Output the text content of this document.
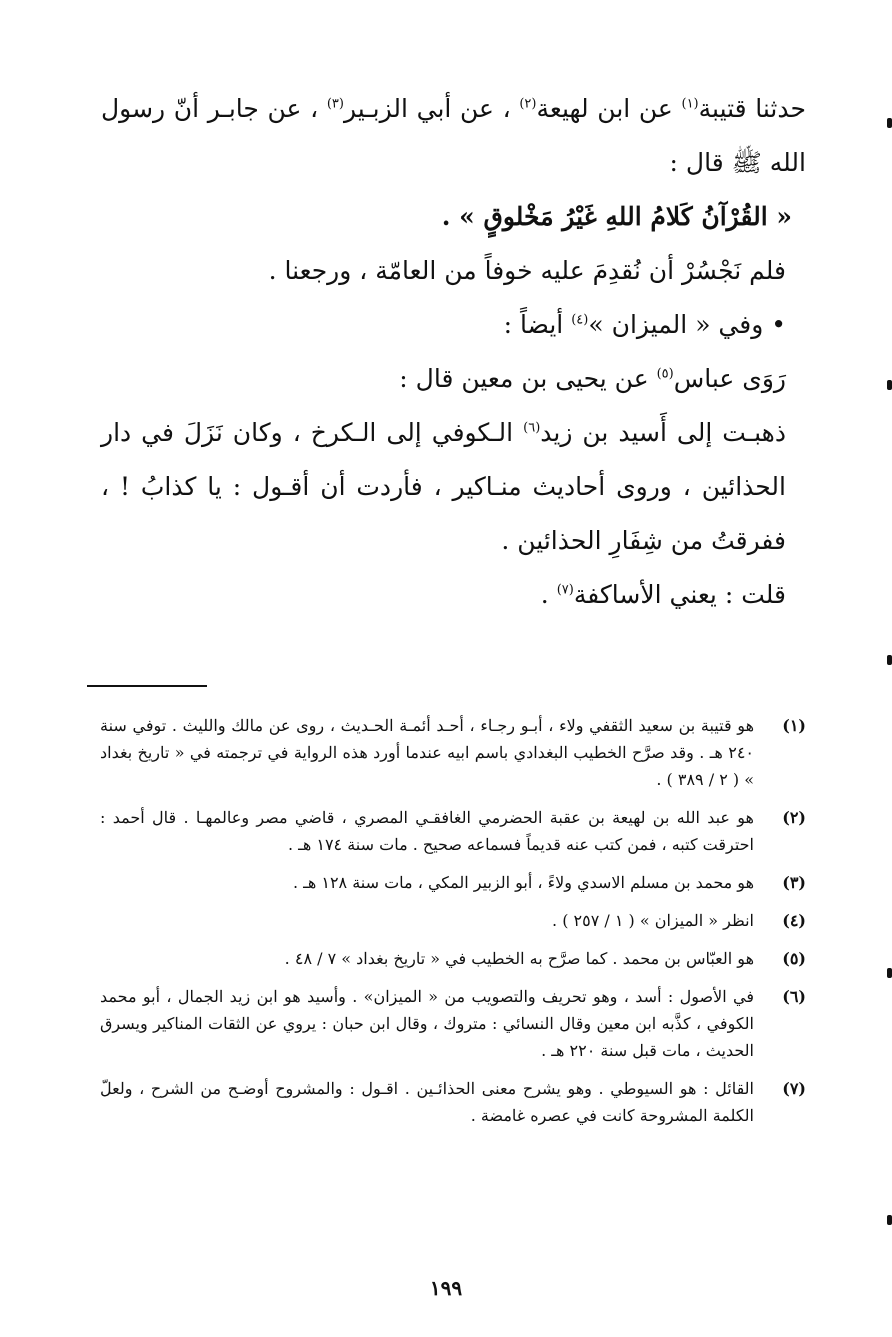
حدثنا قتيبة$^{(١)}$ عن ابن لهيعة$^{(٢)}$ ، عن أبي الزبـير$^{(٣)}$ ، عن جابـر أنّ رسول الله ﷺ قال :

« القُرْآنُ كَلامُ اللهِ غَيْرُ مَخْلوقٍ » .

فلم نَجْسُرْ أن نُقدِمَ عليه خوفاً من العامّة ، ورجعنا .

• وفي « الميزان »$^{(٤)}$ أيضاً :

رَوَى عباس$^{(٥)}$ عن يحيى بن معين قال :

ذهبـت إلى أَسيد بن زيد$^{(٦)}$ الـكوفي إلى الـكرخ ، وكان نَزَلَ في دار الحذائين ، وروى أحاديث منـاكير ، فأردت أن أقـول : يا كذابُ ! ، ففرقتُ من شِفَارِ الحذائين .

قلت : يعني الأساكفة$^{(٧)}$ .

(١)
هو قتيبة بن سعيد الثقفي ولاء ، أبـو رجـاء ، أحـد أئمـة الحـديث ، روى عن مالك والليث . توفي سنة ٢٤٠ هـ . وقد صرَّح الخطيب البغدادي باسم ابيه عندما أورد هذه الرواية في ترجمته في « تاريخ بغداد » ( ٢ / ٣٨٩ ) .
(٢)
هو عبد الله بن لهيعة بن عقبة الحضرمي الغافقـي المصري ، قاضي مصر وعالمهـا . قال أحمد : احترقت كتبه ، فمن كتب عنه قديماً فسماعه صحيح . مات سنة ١٧٤ هـ .
(٣)
هو محمد بن مسلم الاسدي ولاءً ، أبو الزبير المكي ، مات سنة ١٢٨ هـ .
(٤)
انظر « الميزان » ( ١ / ٢٥٧ ) .
(٥)
هو العبّاس بن محمد . كما صرَّح به الخطيب في « تاريخ بغداد » ٧ / ٤٨ .
(٦)
في الأصول : أسد ، وهو تحريف والتصويب من « الميزان» . وأسيد هو ابن زيد الجمال ، أبو محمد الكوفي ، كذَّبه ابن معين وقال النسائي : متروك ، وقال ابن حبان : يروي عن الثقات المناكير ويسرق الحديث ، مات قبل سنة ٢٢٠ هـ .
(٧)
القائل : هو السيوطي . وهو يشرح معنى الحذائـين . اقـول : والمشروح أوضـح من الشرح ، ولعلّ الكلمة المشروحة كانت في عصره غامضة .
١٩٩
